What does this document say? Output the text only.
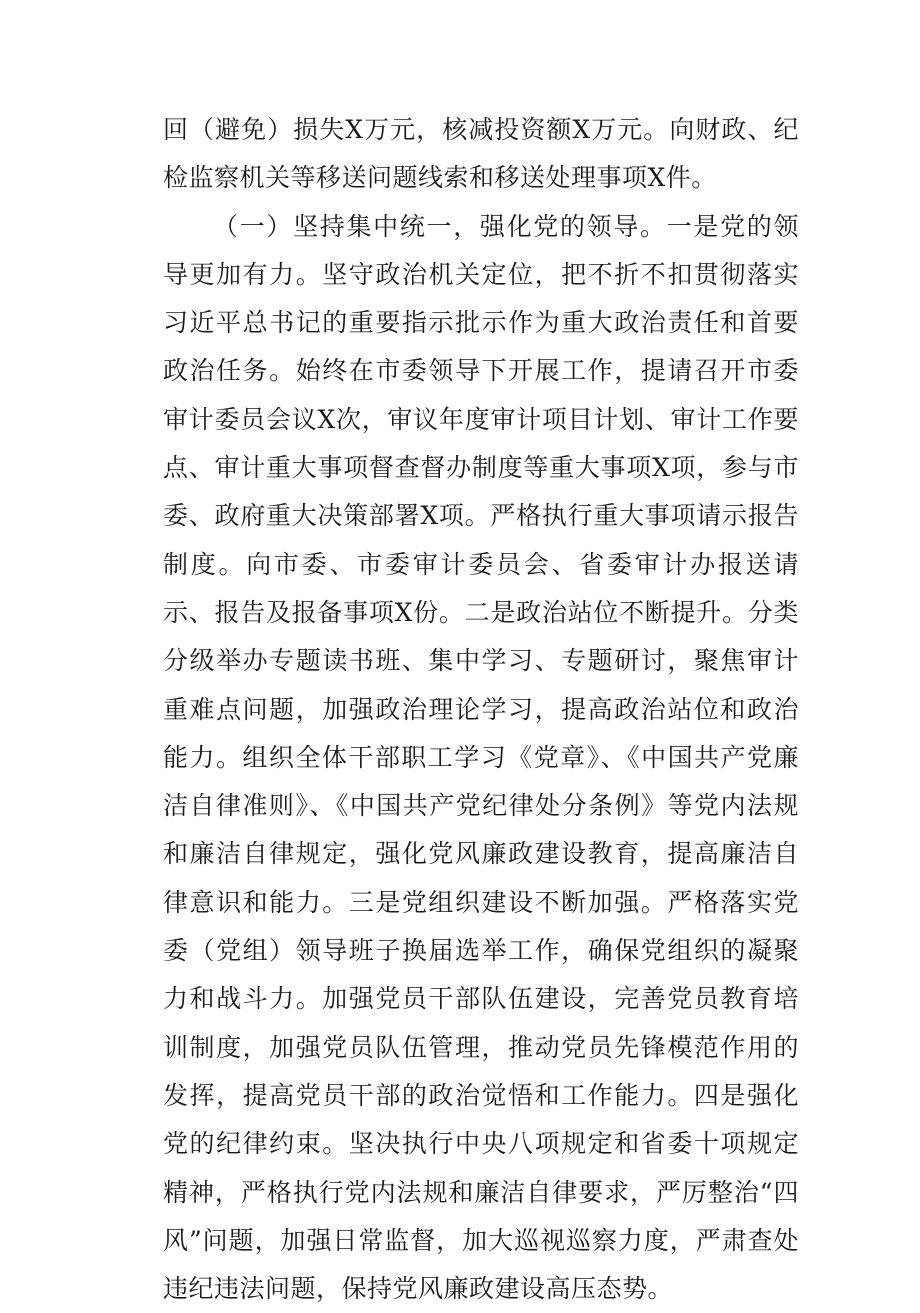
回（避免）损失X万元，核减投资额X万元。向财政、纪检监察机关等移送问题线索和移送处理事项X件。

（一）坚持集中统一，强化党的领导。一是党的领导更加有力。坚守政治机关定位，把不折不扣贯彻落实习近平总书记的重要指示批示作为重大政治责任和首要政治任务。始终在市委领导下开展工作，提请召开市委审计委员会议X次，审议年度审计项目计划、审计工作要点、审计重大事项督查督办制度等重大事项X项，参与市委、政府重大决策部署X项。严格执行重大事项请示报告制度。向市委、市委审计委员会、省委审计办报送请示、报告及报备事项X份。二是政治站位不断提升。分类分级举办专题读书班、集中学习、专题研讨，聚焦审计重难点问题，加强政治理论学习，提高政治站位和政治能力。组织全体干部职工学习《党章》、《中国共产党廉洁自律准则》、《中国共产党纪律处分条例》等党内法规和廉洁自律规定，强化党风廉政建设教育，提高廉洁自律意识和能力。三是党组织建设不断加强。严格落实党委（党组）领导班子换届选举工作，确保党组织的凝聚力和战斗力。加强党员干部队伍建设，完善党员教育培训制度，加强党员队伍管理，推动党员先锋模范作用的发挥，提高党员干部的政治觉悟和工作能力。四是强化党的纪律约束。坚决执行中央八项规定和省委十项规定精神，严格执行党内法规和廉洁自律要求，严厉整治“四风”问题，加强日常监督，加大巡视巡察力度，严肃查处违纪违法问题，保持党风廉政建设高压态势。
